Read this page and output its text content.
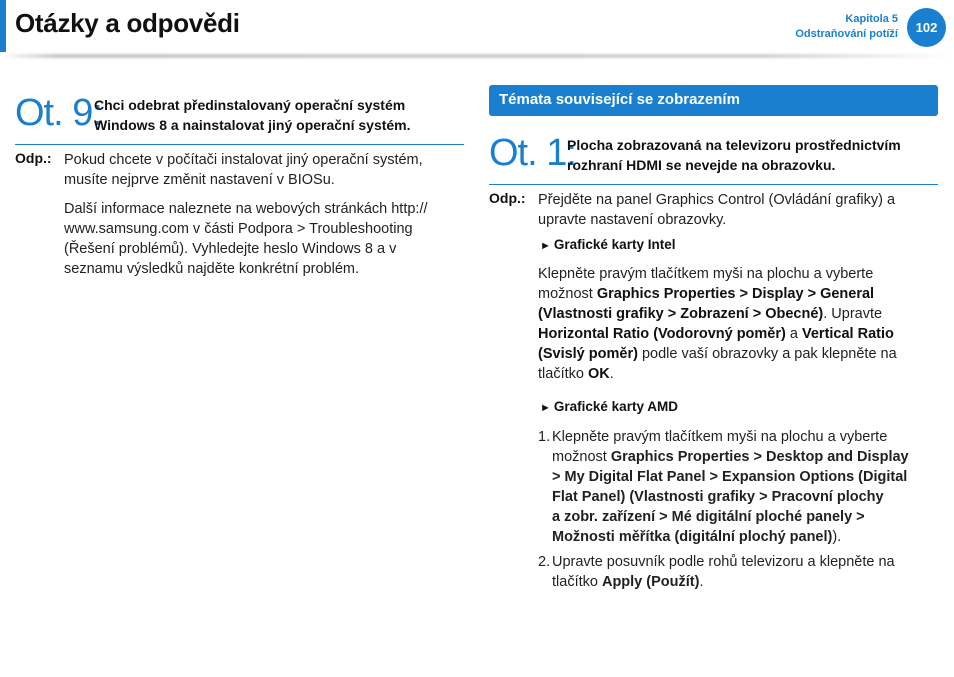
Otázky a odpovědi	Kapitola 5
Odstraňování potíží	102
Ot. 9:
Chci odebrat předinstalovaný operační systém
Windows 8 a nainstalovat jiný operační systém.
Odp.: Pokud chcete v počítači instalovat jiný operační systém,
musíte nejprve změnit nastavení v BIOSu.
Další informace naleznete na webových stránkách http://
www.samsung.com v části Podpora > Troubleshooting
(Řešení problémů). Vyhledejte heslo Windows 8 a v
seznamu výsledků najděte konkrétní problém.
Témata související se zobrazením
Ot. 1:
Plocha zobrazovaná na televizoru prostřednictvím
rozhraní HDMI se nevejde na obrazovku.
Odp.: Přejděte na panel Graphics Control (Ovládání grafiky) a
upravte nastavení obrazovky.
► Grafické karty Intel
Klepněte pravým tlačítkem myši na plochu a vyberte
možnost Graphics Properties > Display > General
(Vlastnosti grafiky > Zobrazení > Obecné). Upravte
Horizontal Ratio (Vodorovný poměr) a Vertical Ratio
(Svislý poměr) podle vaší obrazovky a pak klepněte na
tlačítko OK.
► Grafické karty AMD
1. Klepněte pravým tlačítkem myši na plochu a vyberte
možnost Graphics Properties > Desktop and Display
> My Digital Flat Panel > Expansion Options (Digital
Flat Panel) (Vlastnosti grafiky > Pracovní plochy
a zobr. zařízení > Mé digitální ploché panely >
Možnosti měřítka (digitální plochý panel)).
2. Upravte posuvník podle rohů televizoru a klepněte na
tlačítko Apply (Použít).
